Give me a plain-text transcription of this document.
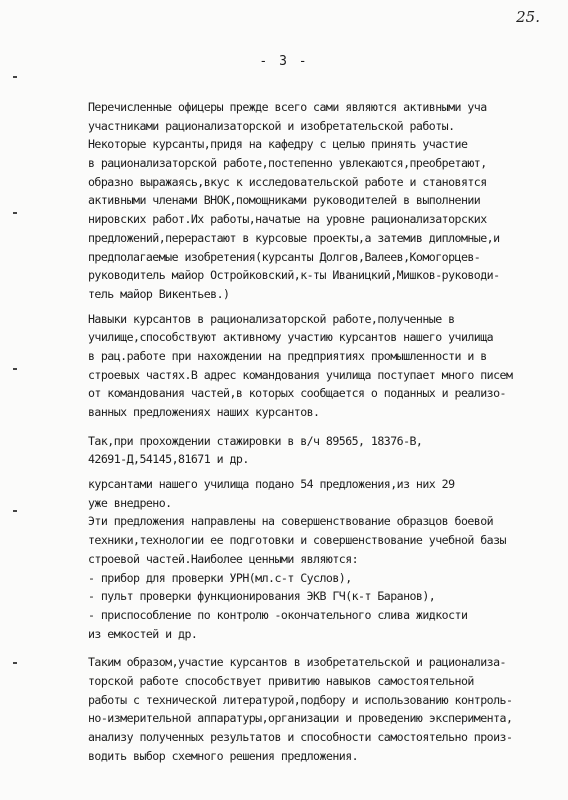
25.
- 3 -
Перечисленные офицеры прежде всего сами являются активными уча
участниками рационализаторской и изобретательской работы.
Некоторые курсанты,придя на кафедру с целью принять участие
в рационализаторской работе,постепенно увлекаются,преобретают,
образно выражаясь,вкус к исследовательской работе и становятся
активными членами ВНОК,помощниками руководителей в выполнении
нировских работ.Их работы,начатые на уровне рационализаторских
предложений,перерастают в курсовые проекты,а затемив дипломные,и
предполагаемые изобретения(курсанты Долгов,Валеев,Комогорцев-
руководитель майор Остройковский,к-ты Иваницкий,Мишков-руководи-
тель майор Викентьев.)
Навыки курсантов в рационализаторской работе,полученные в
училище,способствуют активному участию курсантов нашего училища
в рац.работе при нахождении на предприятиях промышленности и в
строевых частях.В адрес командования училища поступает много писем
от командования частей,в которых сообщается о поданных и реализо-
ванных предложениях наших курсантов.
Так,при прохождении стажировки в в/ч 89565, 18376-В,
42691-Д,54145,81671 и др.
курсантами нашего училища подано 54 предложения,из них 29
уже внедрено.
Эти предложения направлены на совершенствование образцов боевой
техники,технологии ее подготовки и совершенствование учебной базы
строевой частей.Наиболее ценными являются:
- прибор для проверки УРН(мл.с-т Суслов),
- пульт проверки функционирования ЭКВ ГЧ(к-т Баранов),
- приспособление по контролю -окончательного слива жидкости
из емкостей и др.
Таким образом,участие курсантов в изобретательской и рационализа-
торской работе способствует привитию навыков самостоятельной
работы с технической литературой,подбору и использованию контроль-
но-измерительной аппаратуры,организации и проведению эксперимента,
анализу полученных результатов и способности самостоятельно произ-
водить выбор схемного решения предложения.
